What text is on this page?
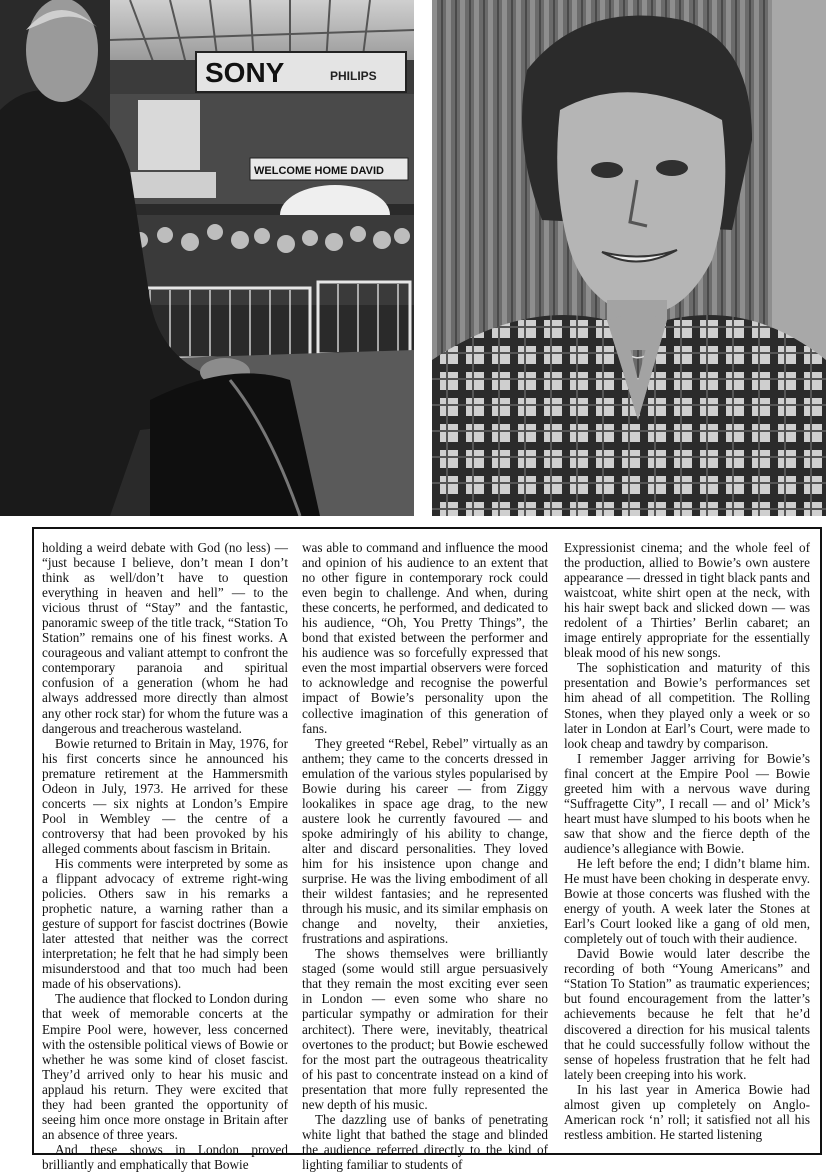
SONY	PHILIPS
WELCOME HOME DAVID

holding a weird debate with God (no less) — “just because I believe, don’t mean I don’t think as well/don’t have to question everything in heaven and hell” — to the vicious thrust of “Stay” and the fantastic, panoramic sweep of the title track, “Station To Station” remains one of his finest works. A courageous and valiant attempt to confront the contemporary paranoia and spiritual confusion of a generation (whom he had always addressed more directly than almost any other rock star) for whom the future was a dangerous and treacherous wasteland.

Bowie returned to Britain in May, 1976, for his first concerts since he announced his premature retirement at the Hammersmith Odeon in July, 1973. He arrived for these concerts — six nights at London’s Empire Pool in Wembley — the centre of a controversy that had been provoked by his alleged comments about fascism in Britain.

His comments were interpreted by some as a flippant advocacy of extreme right-wing policies. Others saw in his remarks a prophetic nature, a warning rather than a gesture of support for fascist doctrines (Bowie later attested that neither was the correct interpretation; he felt that he had simply been misunderstood and that too much had been made of his observations).

The audience that flocked to London during that week of memorable concerts at the Empire Pool were, however, less concerned with the ostensible political views of Bowie or whether he was some kind of closet fascist. They’d arrived only to hear his music and applaud his return. They were excited that they had been granted the opportunity of seeing him once more onstage in Britain after an absence of three years.

And these shows in London proved brilliantly and emphatically that Bowie

was able to command and influence the mood and opinion of his audience to an extent that no other figure in contemporary rock could even begin to challenge. And when, during these concerts, he performed, and dedicated to his audience, “Oh, You Pretty Things”, the bond that existed between the performer and his audience was so forcefully expressed that even the most impartial observers were forced to acknowledge and recognise the powerful impact of Bowie’s personality upon the collective imagination of this generation of fans.

They greeted “Rebel, Rebel” virtually as an anthem; they came to the concerts dressed in emulation of the various styles popularised by Bowie during his career — from Ziggy lookalikes in space age drag, to the new austere look he currently favoured — and spoke admiringly of his ability to change, alter and discard personalities. They loved him for his insistence upon change and surprise. He was the living embodiment of all their wildest fantasies; and he represented through his music, and its similar emphasis on change and novelty, their anxieties, frustrations and aspirations.

The shows themselves were brilliantly staged (some would still argue persuasively that they remain the most exciting ever seen in London — even some who share no particular sympathy or admiration for their architect). There were, inevitably, theatrical overtones to the product; but Bowie eschewed for the most part the outrageous theatricality of his past to concentrate instead on a kind of presentation that more fully represented the new depth of his music.

The dazzling use of banks of penetrating white light that bathed the stage and blinded the audience referred directly to the kind of lighting familiar to students of

Expressionist cinema; and the whole feel of the production, allied to Bowie’s own austere appearance — dressed in tight black pants and waistcoat, white shirt open at the neck, with his hair swept back and slicked down — was redolent of a Thirties’ Berlin cabaret; an image entirely appropriate for the essentially bleak mood of his new songs.

The sophistication and maturity of this presentation and Bowie’s performances set him ahead of all competition. The Rolling Stones, when they played only a week or so later in London at Earl’s Court, were made to look cheap and tawdry by comparison.

I remember Jagger arriving for Bowie’s final concert at the Empire Pool — Bowie greeted him with a nervous wave during “Suffragette City”, I recall — and ol’ Mick’s heart must have slumped to his boots when he saw that show and the fierce depth of the audience’s allegiance with Bowie.

He left before the end; I didn’t blame him. He must have been choking in desperate envy. Bowie at those concerts was flushed with the energy of youth. A week later the Stones at Earl’s Court looked like a gang of old men, completely out of touch with their audience.

David Bowie would later describe the recording of both “Young Americans” and “Station To Station” as traumatic experiences; but found encouragement from the latter’s achievements because he felt that he’d discovered a direction for his musical talents that he could successfully follow without the sense of hopeless frustration that he felt had lately been creeping into his work.

In his last year in America Bowie had almost given up completely on Anglo-American rock ‘n’ roll; it satisfied not all his restless ambition. He started listening
